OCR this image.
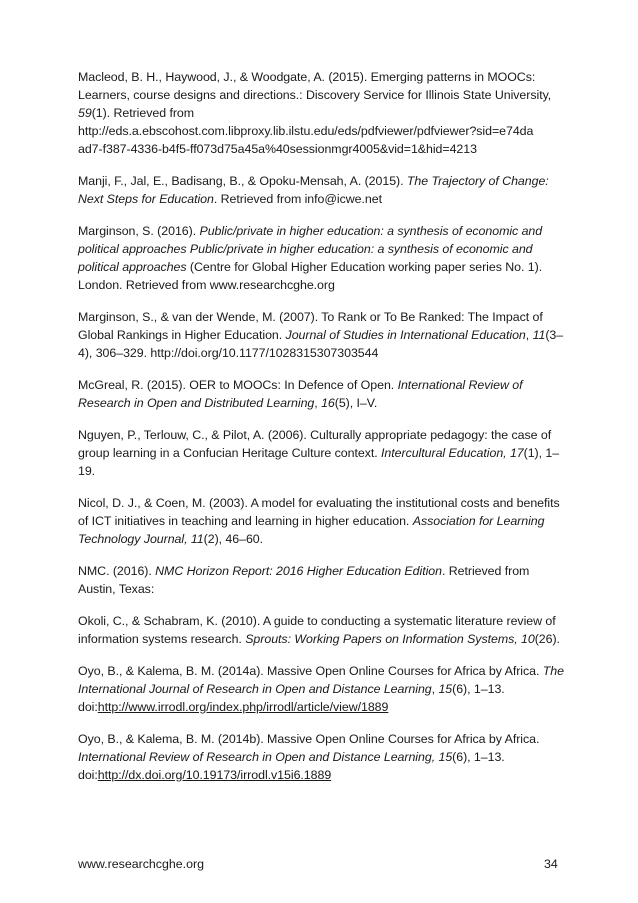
Macleod, B. H., Haywood, J., & Woodgate, A. (2015). Emerging patterns in MOOCs: Learners, course designs and directions.: Discovery Service for Illinois State University, 59(1). Retrieved from
http://eds.a.ebscohost.com.libproxy.lib.ilstu.edu/eds/pdfviewer/pdfviewer?sid=e74da
ad7-f387-4336-b4f5-ff073d75a45a%40sessionmgr4005&vid=1&hid=4213

Manji, F., Jal, E., Badisang, B., & Opoku-Mensah, A. (2015). The Trajectory of Change: Next Steps for Education. Retrieved from info@icwe.net

Marginson, S. (2016). Public/private in higher education: a synthesis of economic and political approaches Public/private in higher education: a synthesis of economic and political approaches (Centre for Global Higher Education working paper series No. 1). London. Retrieved from www.researchcghe.org

Marginson, S., & van der Wende, M. (2007). To Rank or To Be Ranked: The Impact of Global Rankings in Higher Education. Journal of Studies in International Education, 11(3–4), 306–329. http://doi.org/10.1177/1028315307303544

McGreal, R. (2015). OER to MOOCs: In Defence of Open. International Review of Research in Open and Distributed Learning, 16(5), I–V.

Nguyen, P., Terlouw, C., & Pilot, A. (2006). Culturally appropriate pedagogy: the case of group learning in a Confucian Heritage Culture context. Intercultural Education, 17(1), 1–19.

Nicol, D. J., & Coen, M. (2003). A model for evaluating the institutional costs and benefits of ICT initiatives in teaching and learning in higher education. Association for Learning Technology Journal, 11(2), 46–60.

NMC. (2016). NMC Horizon Report: 2016 Higher Education Edition. Retrieved from Austin, Texas:

Okoli, C., & Schabram, K. (2010). A guide to conducting a systematic literature review of information systems research. Sprouts: Working Papers on Information Systems, 10(26).

Oyo, B., & Kalema, B. M. (2014a). Massive Open Online Courses for Africa by Africa. The International Journal of Research in Open and Distance Learning, 15(6), 1–13. doi:http://www.irrodl.org/index.php/irrodl/article/view/1889

Oyo, B., & Kalema, B. M. (2014b). Massive Open Online Courses for Africa by Africa. International Review of Research in Open and Distance Learning, 15(6), 1–13. doi:http://dx.doi.org/10.19173/irrodl.v15i6.1889

www.researchcghe.org	34
